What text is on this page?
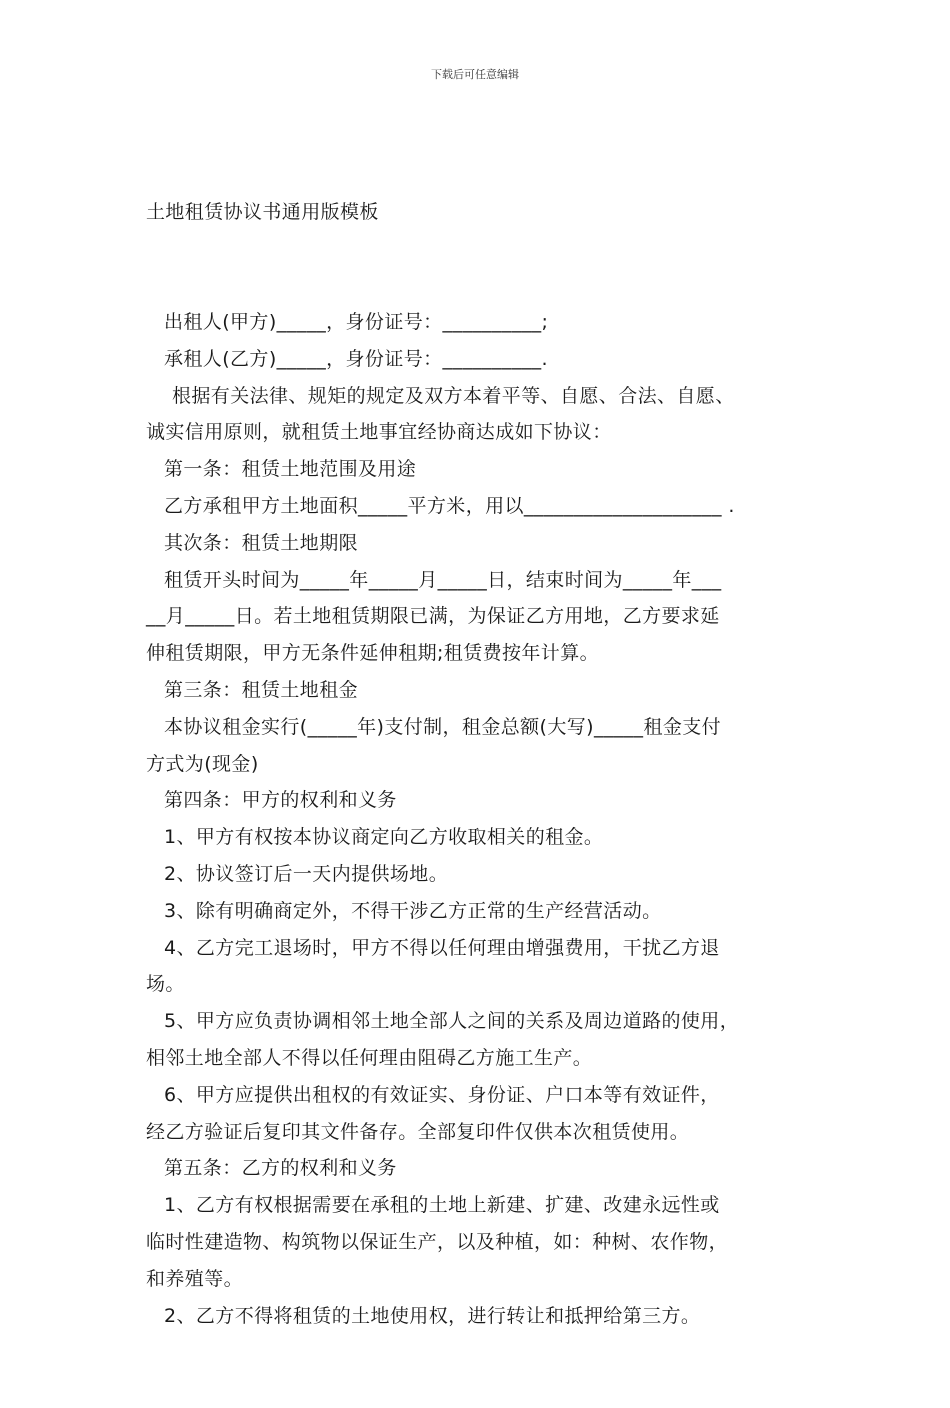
下载后可任意编辑

土地租赁协议书通用版模板

出租人(甲方)_____，身份证号：__________;
承租人(乙方)_____，身份证号：__________.
根据有关法律、规矩的规定及双方本着平等、自愿、合法、自愿、
诚实信用原则，就租赁土地事宜经协商达成如下协议：
第一条：租赁土地范围及用途
乙方承租甲方土地面积_____平方米，用以____________________ .
其次条：租赁土地期限
租赁开头时间为_____年_____月_____日，结束时间为_____年___
__月_____日。若土地租赁期限已满，为保证乙方用地，乙方要求延
伸租赁期限，甲方无条件延伸租期;租赁费按年计算。
第三条：租赁土地租金
本协议租金实行(_____年)支付制，租金总额(大写)_____租金支付
方式为(现金)
第四条：甲方的权利和义务
1、甲方有权按本协议商定向乙方收取相关的租金。
2、协议签订后一天内提供场地。
3、除有明确商定外，不得干涉乙方正常的生产经营活动。
4、乙方完工退场时，甲方不得以任何理由增强费用，干扰乙方退
场。
5、甲方应负责协调相邻土地全部人之间的关系及周边道路的使用，
相邻土地全部人不得以任何理由阻碍乙方施工生产。
6、甲方应提供出租权的有效证实、身份证、户口本等有效证件，
经乙方验证后复印其文件备存。全部复印件仅供本次租赁使用。
第五条：乙方的权利和义务
1、乙方有权根据需要在承租的土地上新建、扩建、改建永远性或
临时性建造物、构筑物以保证生产，以及种植，如：种树、农作物，
和养殖等。
2、乙方不得将租赁的土地使用权，进行转让和抵押给第三方。
